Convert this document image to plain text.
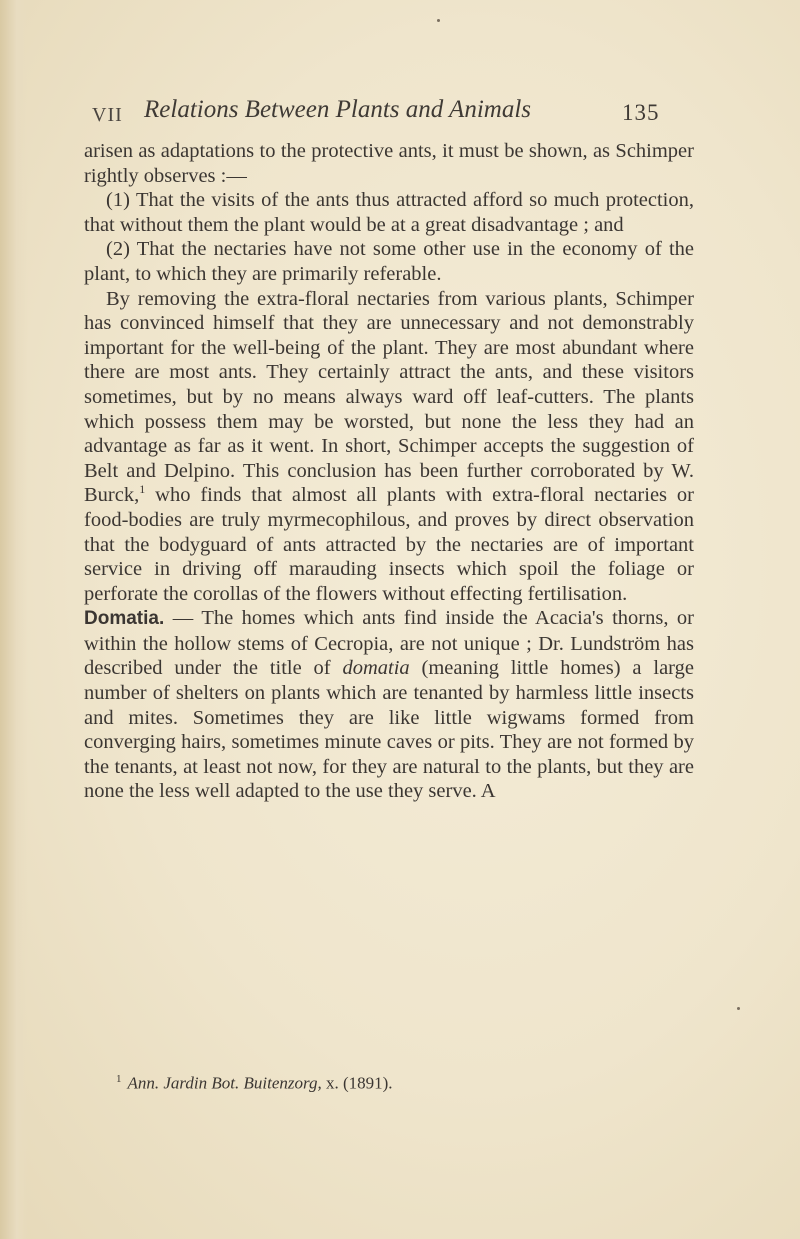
VII Relations Between Plants and Animals	135

arisen as adaptations to the protective ants, it must be shown, as Schimper rightly observes :—

(1) That the visits of the ants thus attracted afford so much protection, that without them the plant would be at a great disadvantage ; and

(2) That the nectaries have not some other use in the economy of the plant, to which they are primarily referable.

By removing the extra-floral nectaries from various plants, Schimper has convinced himself that they are unnecessary and not demonstrably important for the well-being of the plant. They are most abundant where there are most ants. They certainly attract the ants, and these visitors sometimes, but by no means always ward off leaf-cutters. The plants which possess them may be worsted, but none the less they had an advantage as far as it went. In short, Schimper accepts the suggestion of Belt and Delpino. This conclusion has been further corroborated by W. Burck,$^1$ who finds that almost all plants with extra-floral nectaries or food-bodies are truly myrmecophilous, and proves by direct observation that the bodyguard of ants attracted by the nectaries are of important service in driving off marauding insects which spoil the foliage or perforate the corollas of the flowers without effecting fertilisation.

Domatia. — The homes which ants find inside the Acacia's thorns, or within the hollow stems of Cecropia, are not unique ; Dr. Lundström has described under the title of domatia (meaning little homes) a large number of shelters on plants which are tenanted by harmless little insects and mites. Sometimes they are like little wigwams formed from converging hairs, sometimes minute caves or pits. They are not formed by the tenants, at least not now, for they are natural to the plants, but they are none the less well adapted to the use they serve. A

$^1$ Ann. Jardin Bot. Buitenzorg, x. (1891).
